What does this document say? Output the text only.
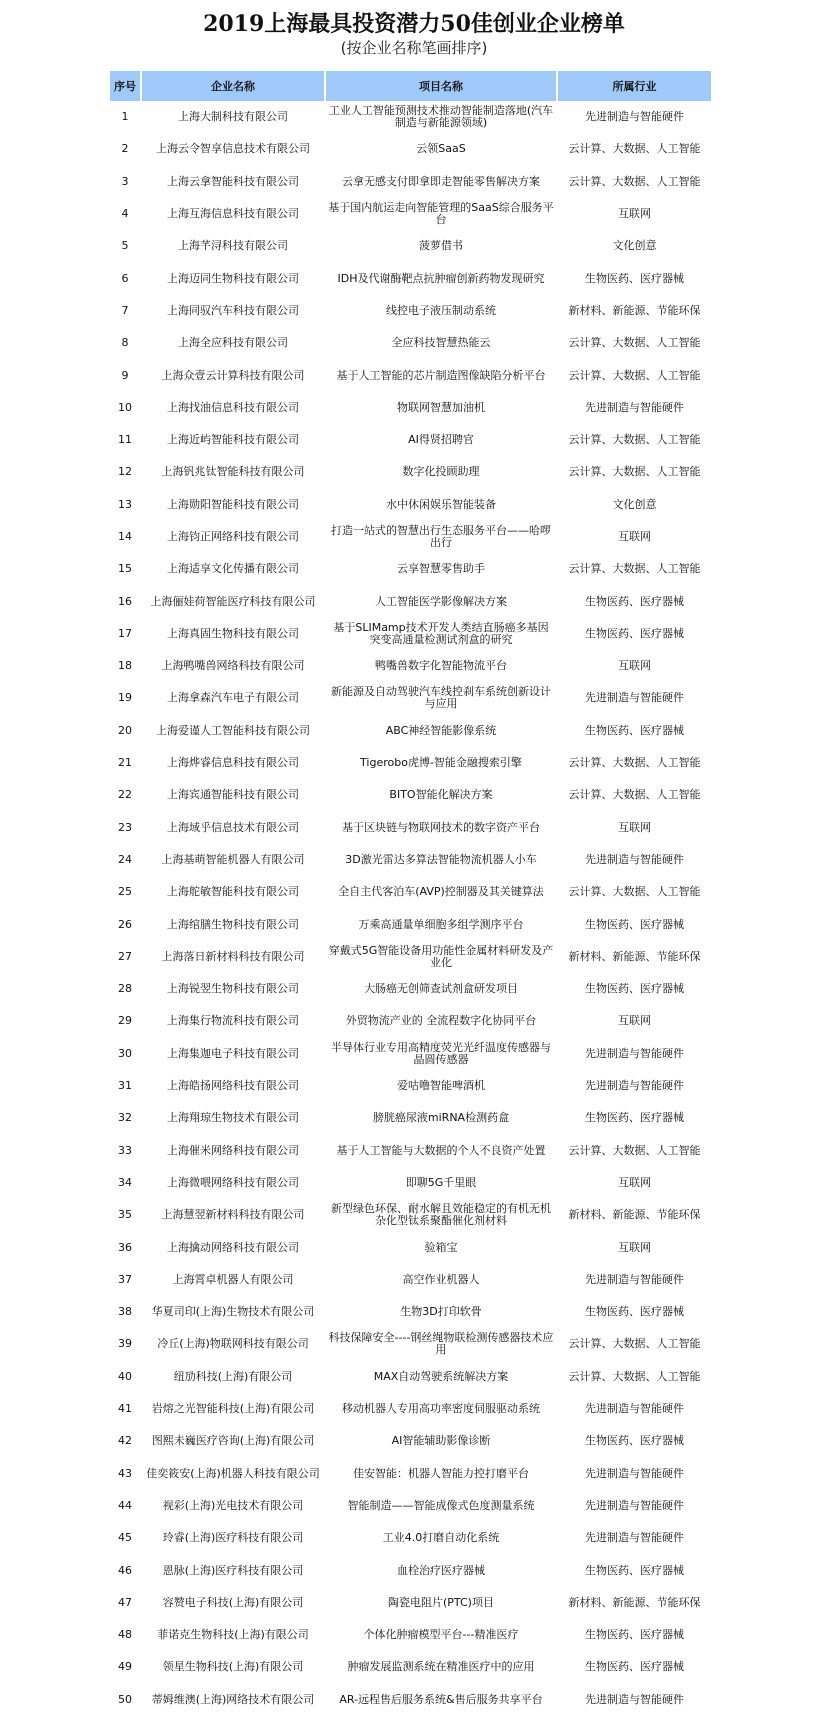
2019上海最具投资潜力50佳创业企业榜单
(按企业名称笔画排序)
序号	企业名称	项目名称	所属行业
1	上海大制科技有限公司	工业人工智能预测技术推动智能制造落地(汽车制造与新能源领域)	先进制造与智能硬件
2	上海云令智享信息技术有限公司	云领SaaS	云计算、大数据、人工智能
3	上海云拿智能科技有限公司	云拿无感支付即拿即走智能零售解决方案	云计算、大数据、人工智能
4	上海互海信息科技有限公司	基于国内航运走向智能管理的SaaS综合服务平台	互联网
5	上海芊浔科技有限公司	菠萝借书	文化创意
6	上海迈同生物科技有限公司	IDH及代谢酶靶点抗肿瘤创新药物发现研究	生物医药、医疗器械
7	上海同驭汽车科技有限公司	线控电子液压制动系统	新材料、新能源、节能环保
8	上海全应科技有限公司	全应科技智慧热能云	云计算、大数据、人工智能
9	上海众壹云计算科技有限公司	基于人工智能的芯片制造图像缺陷分析平台	云计算、大数据、人工智能
10	上海找油信息科技有限公司	物联网智慧加油机	先进制造与智能硬件
11	上海近屿智能科技有限公司	AI得贤招聘官	云计算、大数据、人工智能
12	上海钒兆钛智能科技有限公司	数字化投顾助理	云计算、大数据、人工智能
13	上海勋阳智能科技有限公司	水中休闲娱乐智能装备	文化创意
14	上海钧正网络科技有限公司	打造一站式的智慧出行生态服务平台——哈啰出行	互联网
15	上海适享文化传播有限公司	云享智慧零售助手	云计算、大数据、人工智能
16	上海俪娃荷智能医疗科技有限公司	人工智能医学影像解决方案	生物医药、医疗器械
17	上海真固生物科技有限公司	基于SLIMamp技术开发人类结直肠癌多基因突变高通量检测试剂盒的研究	生物医药、医疗器械
18	上海鸭嘴兽网络科技有限公司	鸭嘴兽数字化智能物流平台	互联网
19	上海拿森汽车电子有限公司	新能源及自动驾驶汽车线控刹车系统创新设计与应用	先进制造与智能硬件
20	上海爱谨人工智能科技有限公司	ABC神经智能影像系统	生物医药、医疗器械
21	上海烨睿信息科技有限公司	Tigerobo虎博-智能金融搜索引擎	云计算、大数据、人工智能
22	上海宾通智能科技有限公司	BITO智能化解决方案	云计算、大数据、人工智能
23	上海域乎信息技术有限公司	基于区块链与物联网技术的数字资产平台	互联网
24	上海基萌智能机器人有限公司	3D激光雷达多算法智能物流机器人小车	先进制造与智能硬件
25	上海舵敏智能科技有限公司	全自主代客泊车(AVP)控制器及其关键算法	云计算、大数据、人工智能
26	上海绾膳生物科技有限公司	万乘高通量单细胞多组学测序平台	生物医药、医疗器械
27	上海落日新材料科技有限公司	穿戴式5G智能设备用功能性金属材料研发及产业化	新材料、新能源、节能环保
28	上海锐翌生物科技有限公司	大肠癌无创筛查试剂盒研发项目	生物医药、医疗器械
29	上海集行物流科技有限公司	外贸物流产业的 全流程数字化协同平台	互联网
30	上海集迦电子科技有限公司	半导体行业专用高精度荧光光纤温度传感器与晶圆传感器	先进制造与智能硬件
31	上海皓扬网络科技有限公司	爱咕噜智能啤酒机	先进制造与智能硬件
32	上海翔琼生物技术有限公司	膀胱癌尿液miRNA检测药盒	生物医药、医疗器械
33	上海催米网络科技有限公司	基于人工智能与大数据的个人不良资产处置	云计算、大数据、人工智能
34	上海微喂网络科技有限公司	即聊5G千里眼	互联网
35	上海慧翌新材料科技有限公司	新型绿色环保、耐水解且效能稳定的有机无机杂化型钛系聚酯催化剂材料	新材料、新能源、节能环保
36	上海擒动网络科技有限公司	验箱宝	互联网
37	上海霄卓机器人有限公司	高空作业机器人	先进制造与智能硬件
38	华夏司印(上海)生物技术有限公司	生物3D打印软骨	生物医药、医疗器械
39	冷丘(上海)物联网科技有限公司	科技保障安全----钢丝绳物联检测传感器技术应用	云计算、大数据、人工智能
40	纽劢科技(上海)有限公司	MAX自动驾驶系统解决方案	云计算、大数据、人工智能
41	岩熔之光智能科技(上海)有限公司	移动机器人专用高功率密度伺服驱动系统	先进制造与智能硬件
42	图熙未巍医疗咨询(上海)有限公司	AI智能辅助影像诊断	生物医药、医疗器械
43	佳奕筱安(上海)机器人科技有限公司	佳安智能：机器人智能力控打磨平台	先进制造与智能硬件
44	视彩(上海)光电技术有限公司	智能制造——智能成像式色度测量系统	先进制造与智能硬件
45	玲睿(上海)医疗科技有限公司	工业4.0打磨自动化系统	先进制造与智能硬件
46	恩脉(上海)医疗科技有限公司	血栓治疗医疗器械	生物医药、医疗器械
47	容赞电子科技(上海)有限公司	陶瓷电阻片(PTC)项目	新材料、新能源、节能环保
48	菲诺克生物科技(上海)有限公司	个体化肿瘤模型平台---精准医疗	生物医药、医疗器械
49	领星生物科技(上海)有限公司	肿瘤发展监测系统在精准医疗中的应用	生物医药、医疗器械
50	蒂姆维澳(上海)网络技术有限公司	AR-远程售后服务系统&售后服务共享平台	先进制造与智能硬件
